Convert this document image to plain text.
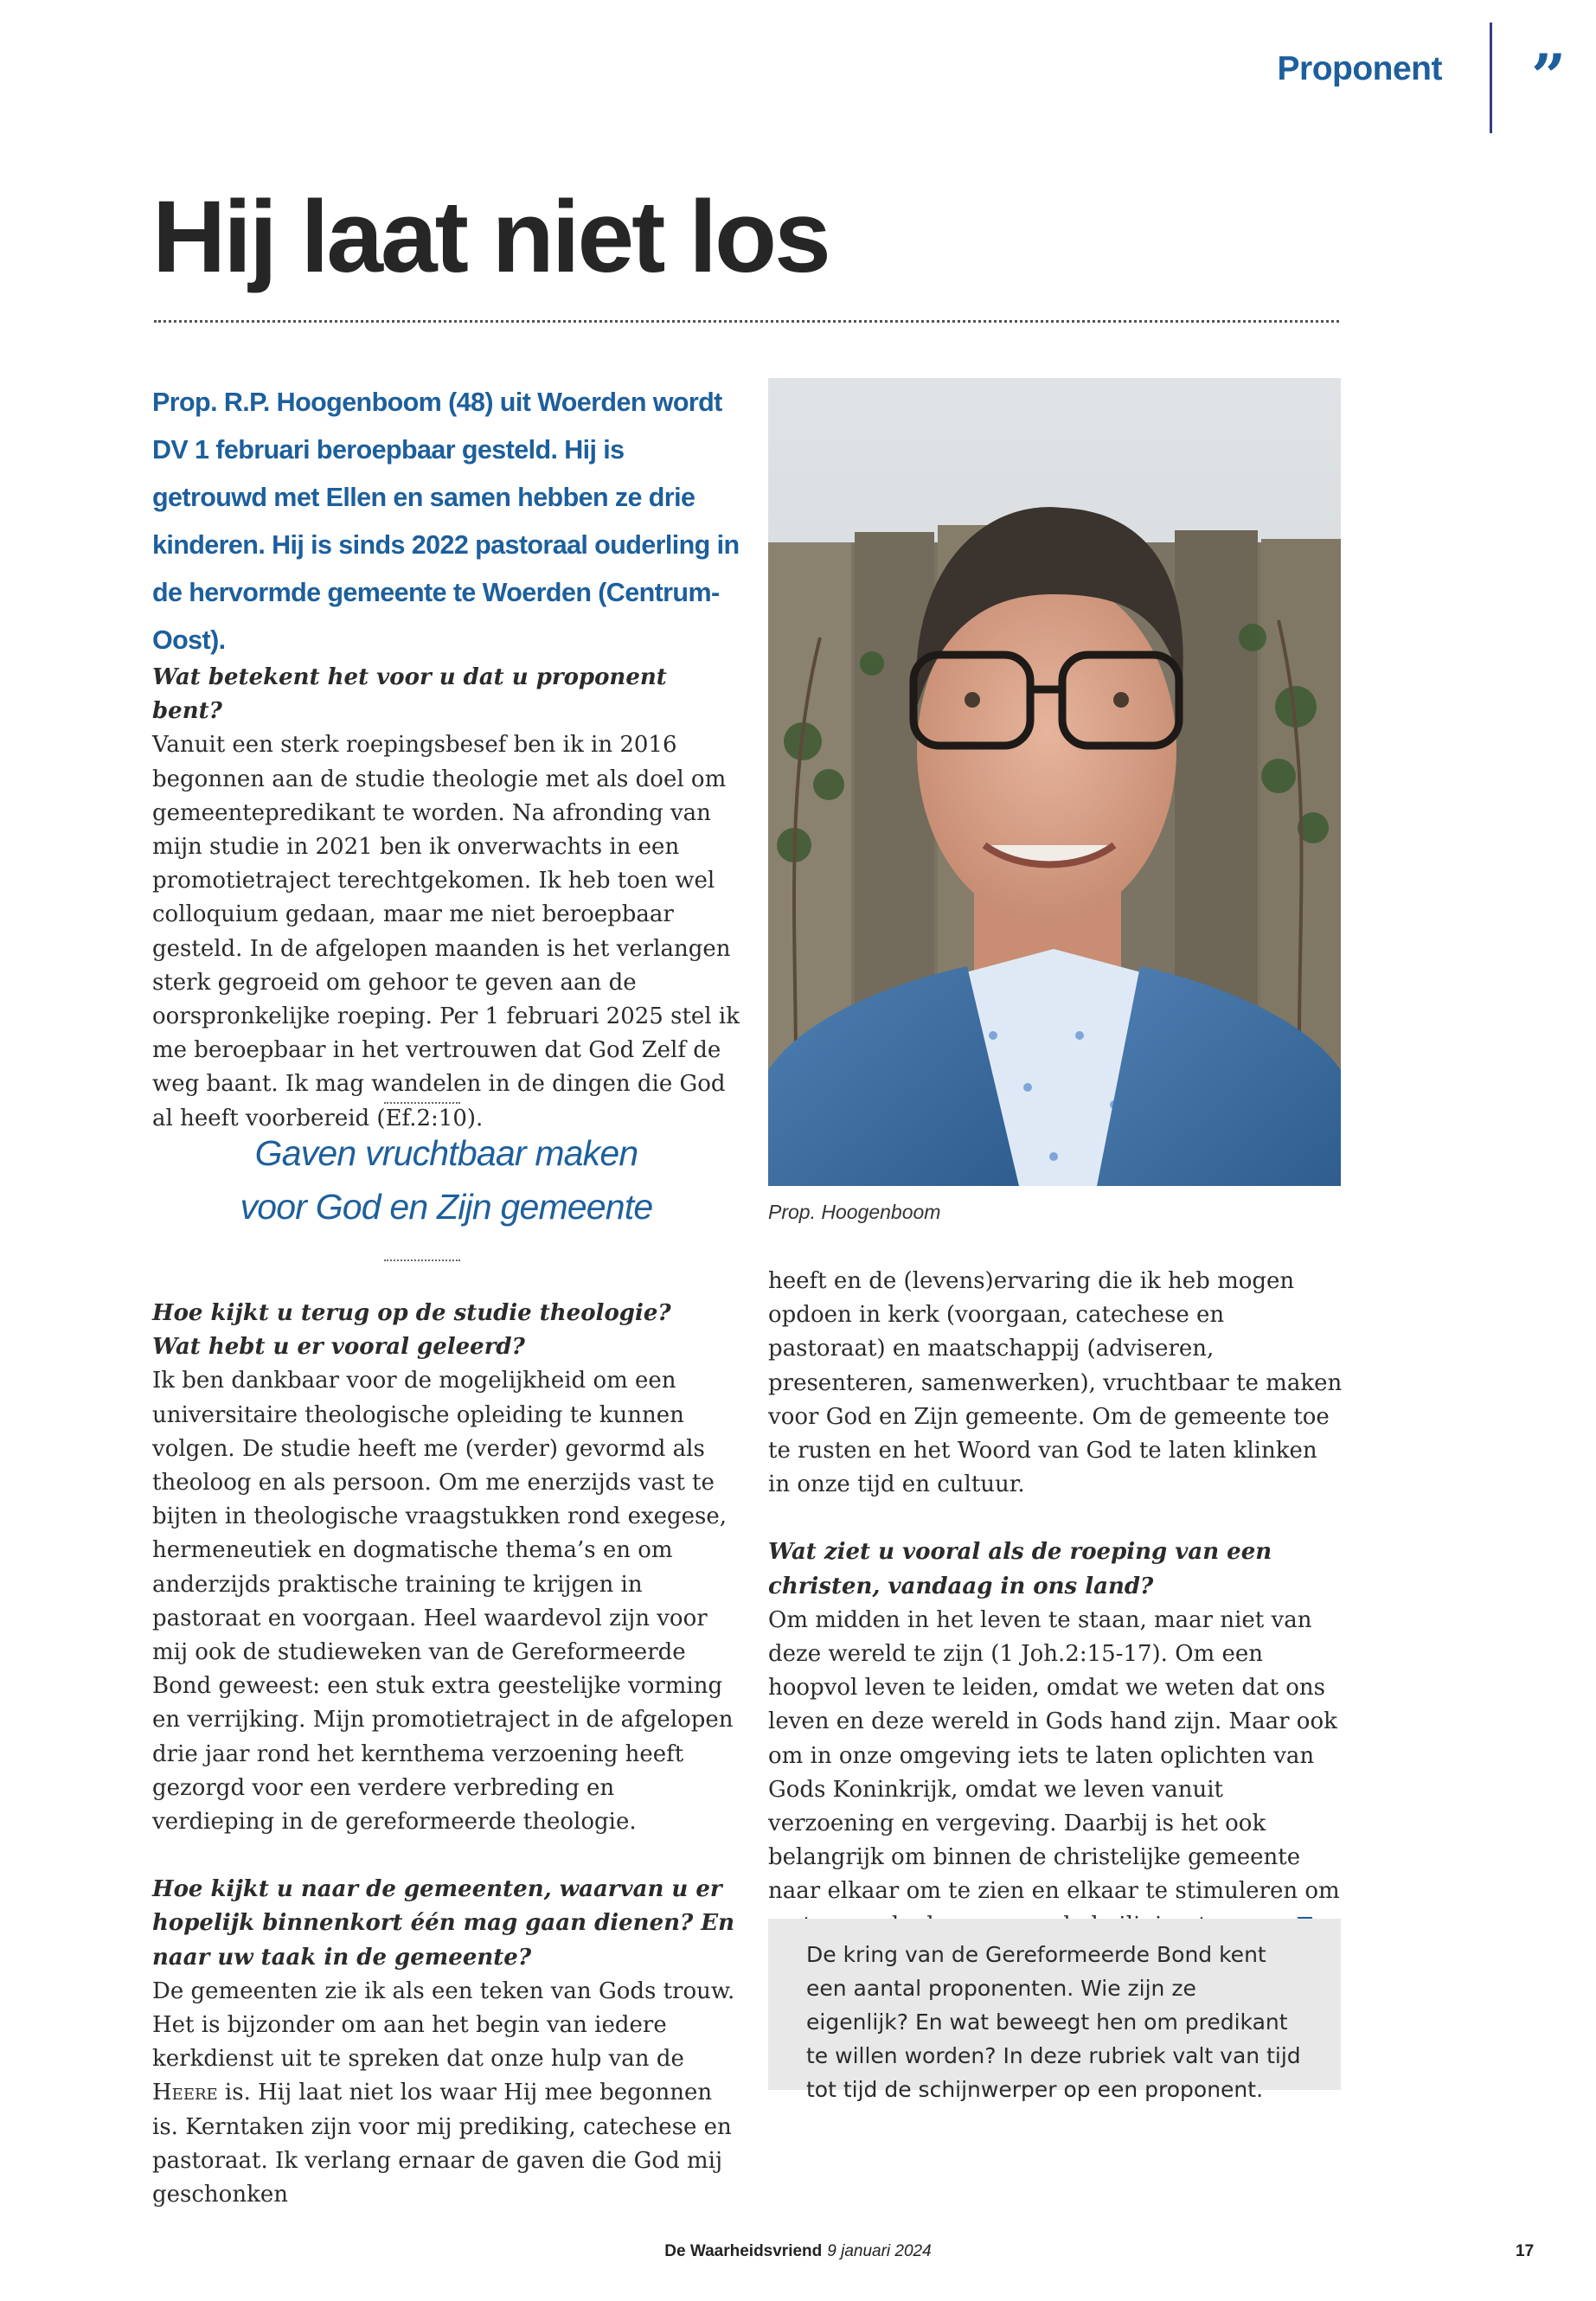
Proponent ”
Hij laat niet los
Prop. R.P. Hoogenboom (48) uit Woerden wordt DV 1 februari beroepbaar gesteld. Hij is getrouwd met Ellen en samen hebben ze drie kinderen. Hij is sinds 2022 pastoraal ouderling in de hervormde gemeente te Woerden (Centrum-Oost).

Wat betekent het voor u dat u proponent bent?

Vanuit een sterk roepingsbesef ben ik in 2016 begonnen aan de studie theologie met als doel om gemeentepredikant te worden. Na afronding van mijn studie in 2021 ben ik onverwachts in een promotietraject terechtgekomen. Ik heb toen wel colloquium gedaan, maar me niet beroepbaar gesteld. In de afgelopen maanden is het verlangen sterk gegroeid om gehoor te geven aan de oorspronkelijke roeping. Per 1 februari 2025 stel ik me beroepbaar in het vertrouwen dat God Zelf de weg baant. Ik mag wandelen in de dingen die God al heeft voorbereid (Ef.2:10).

Gaven vruchtbaar maken
voor God en Zijn gemeente

Hoe kijkt u terug op de studie theologie?

Wat hebt u er vooral geleerd?

Ik ben dankbaar voor de mogelijkheid om een universitaire theologische opleiding te kunnen volgen. De studie heeft me (verder) gevormd als theoloog en als persoon. Om me enerzijds vast te bijten in theologische vraagstukken rond exegese, hermeneutiek en dogmatische thema’s en om anderzijds praktische training te krijgen in pastoraat en voorgaan. Heel waardevol zijn voor mij ook de studieweken van de Gereformeerde Bond geweest: een stuk extra geestelijke vorming en verrijking. Mijn promotietraject in de afgelopen drie jaar rond het kernthema verzoening heeft gezorgd voor een verdere verbreding en verdieping in de gereformeerde theologie.

Hoe kijkt u naar de gemeenten, waarvan u er hopelijk binnenkort één mag gaan dienen? En naar uw taak in de gemeente?

De gemeenten zie ik als een teken van Gods trouw. Het is bijzonder om aan het begin van iedere kerkdienst uit te spreken dat onze hulp van de Heere is. Hij laat niet los waar Hij mee begonnen is. Kerntaken zijn voor mij prediking, catechese en pastoraat. Ik verlang ernaar de gaven die God mij geschonken

Prop. Hoogenboom

heeft en de (levens)ervaring die ik heb mogen opdoen in kerk (voorgaan, catechese en pastoraat) en maatschappij (adviseren, presenteren, samenwerken), vruchtbaar te maken voor God en Zijn gemeente. Om de gemeente toe te rusten en het Woord van God te laten klinken in onze tijd en cultuur.

Wat ziet u vooral als de roeping van een christen, vandaag in ons land?

Om midden in het leven te staan, maar niet van deze wereld te zijn (1 Joh.2:15-17). Om een hoopvol leven te leiden, omdat we weten dat ons leven en deze wereld in Gods hand zijn. Maar ook om in onze omgeving iets te laten oplichten van Gods Koninkrijk, omdat we leven vanuit verzoening en vergeving. Daarbij is het ook belangrijk om binnen de christelijke gemeente naar elkaar om te zien en elkaar te stimuleren om

De kring van de Gereformeerde Bond kent een aantal proponenten. Wie zijn ze eigenlijk? En wat beweegt hen om predikant te willen worden? In deze rubriek valt van tijd tot tijd de schijnwerper op een proponent.
De Waarheidsvriend 9 januari 2024	17
